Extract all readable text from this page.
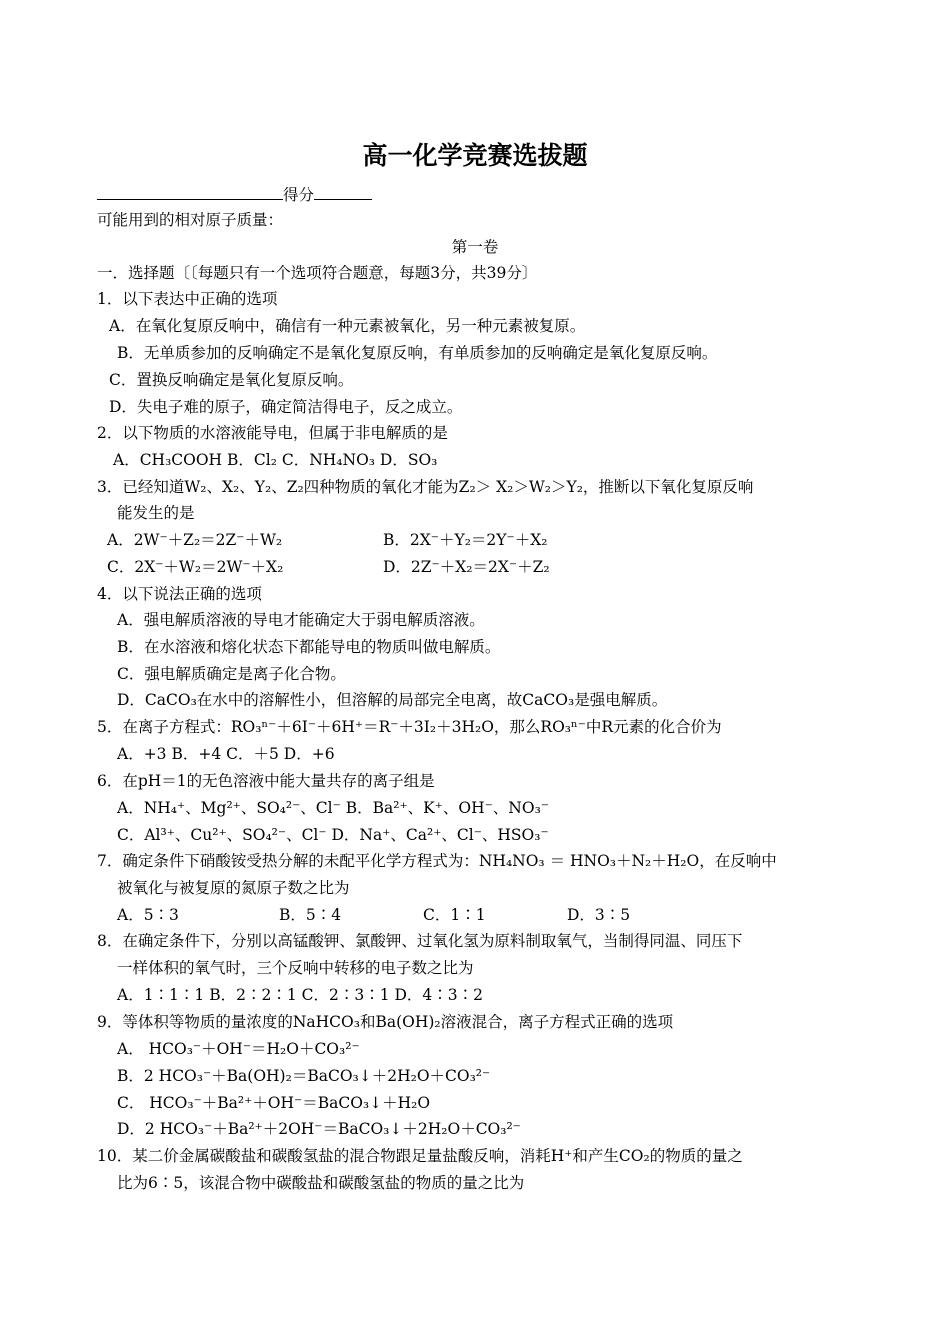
高一化学竞赛选拔题
得分
可能用到的相对原子质量：
第一卷
一．选择题〔〔每题只有一个选项符合题意，每题3分，共39分〕
1．以下表达中正确的选项
A．在氧化复原反响中，确信有一种元素被氧化，另一种元素被复原。
B．无单质参加的反响确定不是氧化复原反响，有单质参加的反响确定是氧化复原反响。
C．置换反响确定是氧化复原反响。
D．失电子难的原子，确定简洁得电子，反之成立。
2．以下物质的水溶液能导电，但属于非电解质的是
A．CH₃COOH B．Cl₂ C．NH₄NO₃ D．SO₃
3．已经知道W₂、X₂、Y₂、Z₂四种物质的氧化才能为Z₂＞ X₂＞W₂＞Y₂，推断以下氧化复原反响
能发生的是
A．2W⁻＋Z₂＝2Z⁻＋W₂	B．2X⁻＋Y₂＝2Y⁻＋X₂
C．2X⁻＋W₂＝2W⁻＋X₂	D．2Z⁻＋X₂＝2X⁻＋Z₂
4．以下说法正确的选项
A．强电解质溶液的导电才能确定大于弱电解质溶液。
B．在水溶液和熔化状态下都能导电的物质叫做电解质。
C．强电解质确定是离子化合物。
D．CaCO₃在水中的溶解性小，但溶解的局部完全电离，故CaCO₃是强电解质。
5．在离子方程式：RO₃ⁿ⁻＋6I⁻＋6H⁺＝R⁻＋3I₂＋3H₂O，那么RO₃ⁿ⁻中R元素的化合价为
A．+3 B．+4 C．＋5 D．+6
6．在pH＝1的无色溶液中能大量共存的离子组是
A．NH₄⁺、Mg²⁺、SO₄²⁻、Cl⁻ B．Ba²⁺、K⁺、OH⁻、NO₃⁻
C．Al³⁺、Cu²⁺、SO₄²⁻、Cl⁻ D．Na⁺、Ca²⁺、Cl⁻、HSO₃⁻
7．确定条件下硝酸铵受热分解的未配平化学方程式为：NH₄NO₃ ＝ HNO₃＋N₂＋H₂O，在反响中
被氧化与被复原的氮原子数之比为
A．5∶3	B．5∶4	C．1∶1	D．3∶5
8．在确定条件下，分别以高锰酸钾、氯酸钾、过氧化氢为原料制取氧气，当制得同温、同压下
一样体积的氧气时，三个反响中转移的电子数之比为
A．1∶1∶1 B．2∶2∶1 C．2∶3∶1 D．4∶3∶2
9．等体积等物质的量浓度的NaHCO₃和Ba(OH)₂溶液混合，离子方程式正确的选项
A． HCO₃⁻＋OH⁻＝H₂O＋CO₃²⁻
B．2 HCO₃⁻＋Ba(OH)₂＝BaCO₃↓＋2H₂O＋CO₃²⁻
C． HCO₃⁻＋Ba²⁺＋OH⁻＝BaCO₃↓＋H₂O
D．2 HCO₃⁻＋Ba²⁺＋2OH⁻＝BaCO₃↓＋2H₂O＋CO₃²⁻
10．某二价金属碳酸盐和碳酸氢盐的混合物跟足量盐酸反响，消耗H⁺和产生CO₂的物质的量之
比为6∶5，该混合物中碳酸盐和碳酸氢盐的物质的量之比为
